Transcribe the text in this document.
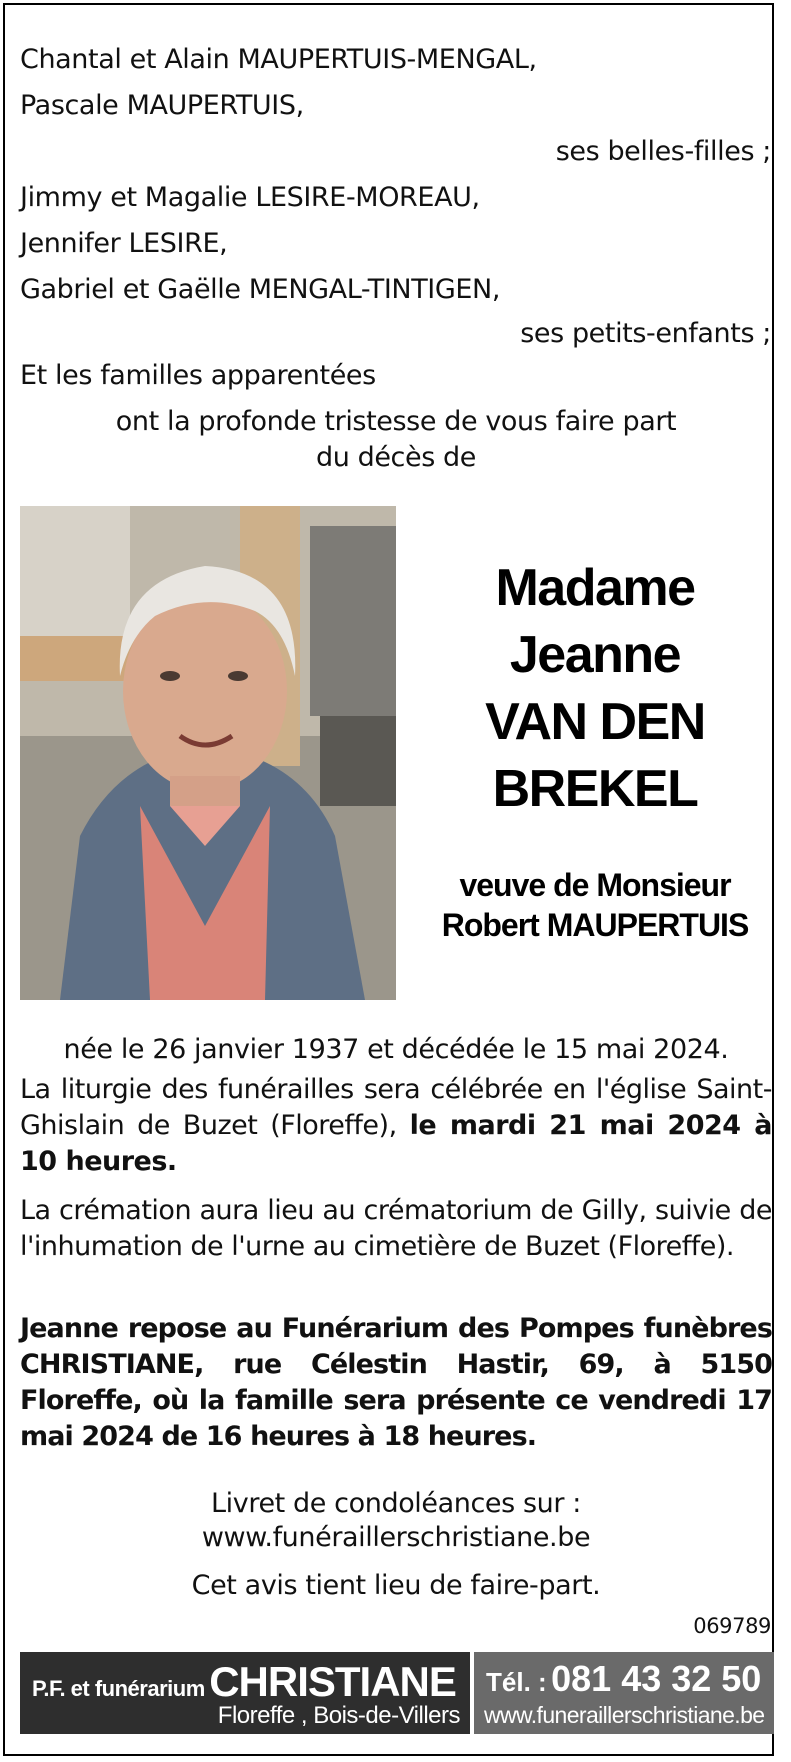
Chantal et Alain MAUPERTUIS-MENGAL,
Pascale MAUPERTUIS,
ses belles-filles ;
Jimmy et Magalie LESIRE-MOREAU,
Jennifer LESIRE,
Gabriel et Gaëlle MENGAL-TINTIGEN,
ses petits-enfants ;
Et les familles apparentées
ont la profonde tristesse de vous faire part
du décès de
Madame
Jeanne
VAN DEN
BREKEL
veuve de Monsieur
Robert MAUPERTUIS
née le 26 janvier 1937 et décédée le 15 mai 2024.
La liturgie des funérailles sera célébrée en l'église Saint-Ghislain de Buzet (Floreffe), le mardi 21 mai 2024 à 10 heures.
La crémation aura lieu au crématorium de Gilly, suivie de l'inhumation de l'urne au cimetière de Buzet (Floreffe).
Jeanne repose au Funérarium des Pompes funèbres CHRISTIANE, rue Célestin Hastir, 69, à 5150 Floreffe, où la famille sera présente ce vendredi 17 mai 2024 de 16 heures à 18 heures.
Livret de condoléances sur :
www.funéraillerschristiane.be
Cet avis tient lieu de faire-part.
069789
P.F. et funérarium CHRISTIANE
Floreffe , Bois-de-Villers
Tél. : 081 43 32 50
www.funeraillerschristiane.be
